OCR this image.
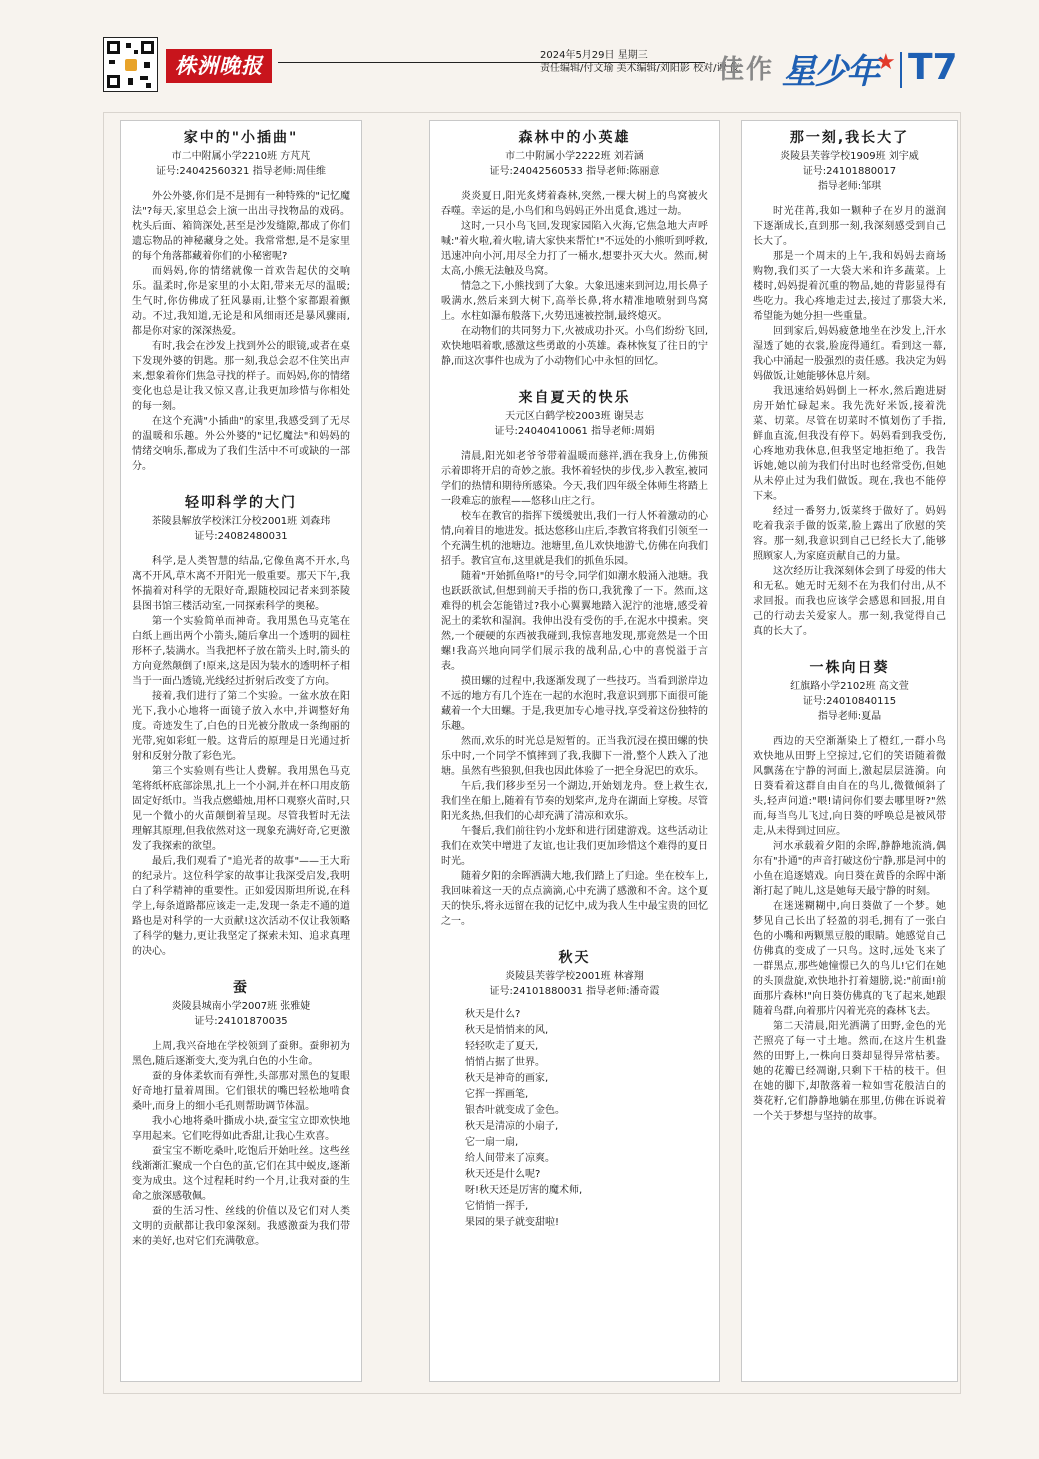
株洲晚报	2024年5月29日 星期三
责任编辑/付文瑜 美术编辑/刘阳影 校对/谭 佼
佳作 星少年★ T7
家中的"小插曲"
市二中附属小学2210班 方芃芃
证号:24042560321 指导老师:周佳维

外公外婆,你们是不是拥有一种特殊的"记忆魔法"?每天,家里总会上演一出出寻找物品的戏码。枕头后面、箱筒深处,甚至是沙发缝隙,都成了你们遗忘物品的神秘藏身之处。我常常想,是不是家里的每个角落都藏着你们的小秘密呢?

而妈妈,你的情绪就像一首欢告起伏的交响乐。温柔时,你是家里的小太阳,带来无尽的温暖;生气时,你仿佛成了狂风暴雨,让整个家都跟着颤动。不过,我知道,无论是和风细雨还是暴风骤雨,都是你对家的深深热爱。

有时,我会在沙发上找到外公的眼镜,或者在桌下发现外婆的钥匙。那一刻,我总会忍不住笑出声来,想象着你们焦急寻找的样子。而妈妈,你的情绪变化也总是让我又惊又喜,让我更加珍惜与你相处的每一刻。

在这个充满"小插曲"的家里,我感受到了无尽的温暖和乐趣。外公外婆的"记忆魔法"和妈妈的情绪交响乐,都成为了我们生活中不可或缺的一部分。

轻叩科学的大门
茶陵县解放学校洣江分校2001班 刘森玮
证号:24082480031

科学,是人类智慧的结晶,它像鱼离不开水,鸟离不开风,草木离不开阳光一般重要。那天下午,我怀揣着对科学的无限好奇,跟随校园记者来到茶陵县图书馆三楼活动室,一同探索科学的奥秘。

第一个实验简单而神奇。我用黑色马克笔在白纸上画出两个小箭头,随后拿出一个透明的圆柱形杯子,装满水。当我把杯子放在箭头上时,箭头的方向竟然颠倒了!原来,这是因为装水的透明杯子相当于一面凸透镜,光线经过折射后改变了方向。

接着,我们进行了第二个实验。一盆水放在阳光下,我小心地将一面镜子放入水中,并调整好角度。奇迹发生了,白色的日光被分散成一条绚丽的光带,宛如彩虹一般。这背后的原理是日光通过折射和反射分散了彩色光。

第三个实验则有些让人费解。我用黑色马克笔将纸杯底部涂黑,扎上一个小洞,并在杯口用皮筋固定好纸巾。当我点燃蜡烛,用杯口观察火苗时,只见一个微小的火苗颠倒着呈现。尽管我暂时无法理解其原理,但我依然对这一现象充满好奇,它更激发了我探索的欲望。

最后,我们观看了"追光者的故事"——王大珩的纪录片。这位科学家的故事让我深受启发,我明白了科学精神的重要性。正如爱因斯坦所说,在科学上,每条道路都应该走一走,发现一条走不通的道路也是对科学的一大贡献!这次活动不仅让我领略了科学的魅力,更让我坚定了探索未知、追求真理的决心。

蚕
炎陵县城南小学2007班 张雅婕
证号:24101870035

上周,我兴奋地在学校领到了蚕卵。蚕卵初为黑色,随后逐渐变大,变为乳白色的小生命。

蚕的身体柔软而有弹性,头部那对黑色的复眼好奇地打量着周围。它们银状的嘴巴轻松地啃食桑叶,而身上的细小毛孔则帮助调节体温。

我小心地将桑叶撕成小块,蚕宝宝立即欢快地享用起来。它们吃得如此香甜,让我心生欢喜。

蚕宝宝不断吃桑叶,吃饱后开始吐丝。这些丝线渐渐汇聚成一个白色的茧,它们在其中蜕皮,逐渐变为成虫。这个过程耗时约一个月,让我对蚕的生命之旅深感敬佩。

蚕的生活习性、丝线的价值以及它们对人类文明的贡献都让我印象深刻。我感激蚕为我们带来的美好,也对它们充满敬意。

森林中的小英雄
市二中附属小学2222班 刘若涵
证号:24042560533 指导老师:陈丽意

炎炎夏日,阳光炙烤着森林,突然,一棵大树上的鸟窝被火吞噬。幸运的是,小鸟们和鸟妈妈正外出觅食,逃过一劫。

这时,一只小鸟飞回,发现家园陷入火海,它焦急地大声呼喊:"着火啦,着火啦,请大家快来帮忙!"不远处的小熊听到呼救,迅速冲向小河,用尽全力打了一桶水,想要扑灭大火。然而,树太高,小熊无法触及鸟窝。

情急之下,小熊找到了大象。大象迅速来到河边,用长鼻子吸满水,然后来到大树下,高举长鼻,将水精准地喷射到鸟窝上。水柱如瀑布般落下,火势迅速被控制,最终熄灭。

在动物们的共同努力下,火被成功扑灭。小鸟们纷纷飞回,欢快地唱着歌,感激这些勇敢的小英雄。森林恢复了往日的宁静,而这次事件也成为了小动物们心中永恒的回忆。

来自夏天的快乐
天元区白鹤学校2003班 谢昊志
证号:24040410061 指导老师:周娟

清晨,阳光如老爷爷带着温暖而慈祥,洒在我身上,仿佛预示着即将开启的奇妙之旅。我怀着轻快的步伐,步入教室,被同学们的热情和期待所感染。今天,我们四年级全体师生将踏上一段难忘的旅程——悠移山庄之行。

校车在教官的指挥下缓缓驶出,我们一行人怀着激动的心情,向着目的地进发。抵达悠移山庄后,李教官将我们引领至一个充满生机的池塘边。池塘里,鱼儿欢快地游弋,仿佛在向我们招手。教官宣布,这里就是我们的抓鱼乐园。

随着"开始抓鱼咯!"的号令,同学们如潮水般涌入池塘。我也跃跃欲试,但想到前天手指的伤口,我犹豫了一下。然而,这难得的机会怎能错过?我小心翼翼地踏入泥泞的池塘,感受着泥土的柔软和湿润。我伸出没有受伤的手,在泥水中摸索。突然,一个硬硬的东西被我碰到,我惊喜地发现,那竟然是一个田螺!我高兴地向同学们展示我的战利品,心中的喜悦溢于言表。

摸田螺的过程中,我逐渐发现了一些技巧。当看到淤岸边不远的地方有几个连在一起的水泡时,我意识到那下面很可能藏着一个大田螺。于是,我更加专心地寻找,享受着这份独特的乐趣。

然而,欢乐的时光总是短暂的。正当我沉浸在摸田螺的快乐中时,一个同学不慎摔到了我,我脚下一滑,整个人跌入了池塘。虽然有些狼狈,但我也因此体验了一把全身泥巴的欢乐。

午后,我们移步至另一个湖边,开始划龙舟。登上救生衣,我们坐在船上,随着有节奏的划桨声,龙舟在湖面上穿梭。尽管阳光炙热,但我们的心却充满了清凉和欢乐。

午餐后,我们前往钓小龙虾和进行团建游戏。这些活动让我们在欢笑中增进了友谊,也让我们更加珍惜这个难得的夏日时光。

随着夕阳的余晖洒满大地,我们踏上了归途。坐在校车上,我回味着这一天的点点滴滴,心中充满了感激和不舍。这个夏天的快乐,将永远留在我的记忆中,成为我人生中最宝贵的回忆之一。

秋天
炎陵县芙蓉学校2001班 林睿翔
证号:24101880031 指导老师:潘奇霞
秋天是什么?
秋天是悄悄来的风,
轻轻吹走了夏天,
悄悄占据了世界。
秋天是神奇的画家,
它挥一挥画笔,
银杏叶就变成了金色。
秋天是清凉的小扇子,
它一扇一扇,
给人间带来了凉爽。
秋天还是什么呢?
呀!秋天还是厉害的魔术师,
它悄悄一挥手,
果园的果子就变甜啦!
那一刻,我长大了
炎陵县芙蓉学校1909班 刘宇威
证号:24101880017
指导老师:邹琪

时光荏苒,我如一颗种子在岁月的滋润下逐渐成长,直到那一刻,我深刻感受到自己长大了。

那是一个周末的上午,我和妈妈去商场购物,我们买了一大袋大米和许多蔬菜。上楼时,妈妈提着沉重的物品,她的背影显得有些吃力。我心疼地走过去,接过了那袋大米,希望能为她分担一些重量。

回到家后,妈妈疲惫地坐在沙发上,汗水湿透了她的衣裳,脸庞得通红。看到这一幕,我心中涌起一股强烈的责任感。我决定为妈妈做饭,让她能够休息片刻。

我迅速给妈妈倒上一杯水,然后跑进厨房开始忙碌起来。我先洗好米饭,接着洗菜、切菜。尽管在切菜时不慎划伤了手指,鲜血直流,但我没有停下。妈妈看到我受伤,心疼地劝我休息,但我坚定地拒绝了。我告诉她,她以前为我们付出时也经常受伤,但她从未停止过为我们做饭。现在,我也不能停下来。

经过一番努力,饭菜终于做好了。妈妈吃着我亲手做的饭菜,脸上露出了欣慰的笑容。那一刻,我意识到自己已经长大了,能够照顾家人,为家庭贡献自己的力量。

这次经历让我深刻体会到了母爱的伟大和无私。她无时无刻不在为我们付出,从不求回报。而我也应该学会感恩和回报,用自己的行动去关爱家人。那一刻,我觉得自己真的长大了。

一株向日葵
红旗路小学2102班 高文萱
证号:24010840115
指导老师:夏晶

西边的天空渐渐染上了橙红,一群小鸟欢快地从田野上空掠过,它们的笑语随着微风飘荡在宁静的河面上,激起层层涟漪。向日葵看着这群自由自在的鸟儿,微微倾斜了头,轻声问道:"喂!请问你们要去哪里呀?"然而,每当鸟儿飞过,向日葵的呼唤总是被风带走,从未得到过回应。

河水承载着夕阳的余晖,静静地流淌,偶尔有"扑通"的声音打破这份宁静,那是河中的小鱼在追逐嬉戏。向日葵在黄昏的余晖中渐渐打起了盹儿,这是她每天最宁静的时刻。

在迷迷糊糊中,向日葵做了一个梦。她梦见自己长出了轻盈的羽毛,拥有了一张白色的小嘴和两颗黑豆般的眼睛。她感觉自己仿佛真的变成了一只鸟。这时,远处飞来了一群黑点,那些她憧憬已久的鸟儿!它们在她的头顶盘旋,欢快地扑打着翅膀,说:"前面!前面那片森林!"向日葵仿佛真的飞了起来,她跟随着鸟群,向着那片闪着光亮的森林飞去。

第二天清晨,阳光洒满了田野,金色的光芒照亮了每一寸土地。然而,在这片生机盎然的田野上,一株向日葵却显得异常枯萎。她的花瓣已经凋谢,只剩下干枯的枝干。但在她的脚下,却散落着一粒如雪花般洁白的葵花籽,它们静静地躺在那里,仿佛在诉说着一个关于梦想与坚持的故事。
